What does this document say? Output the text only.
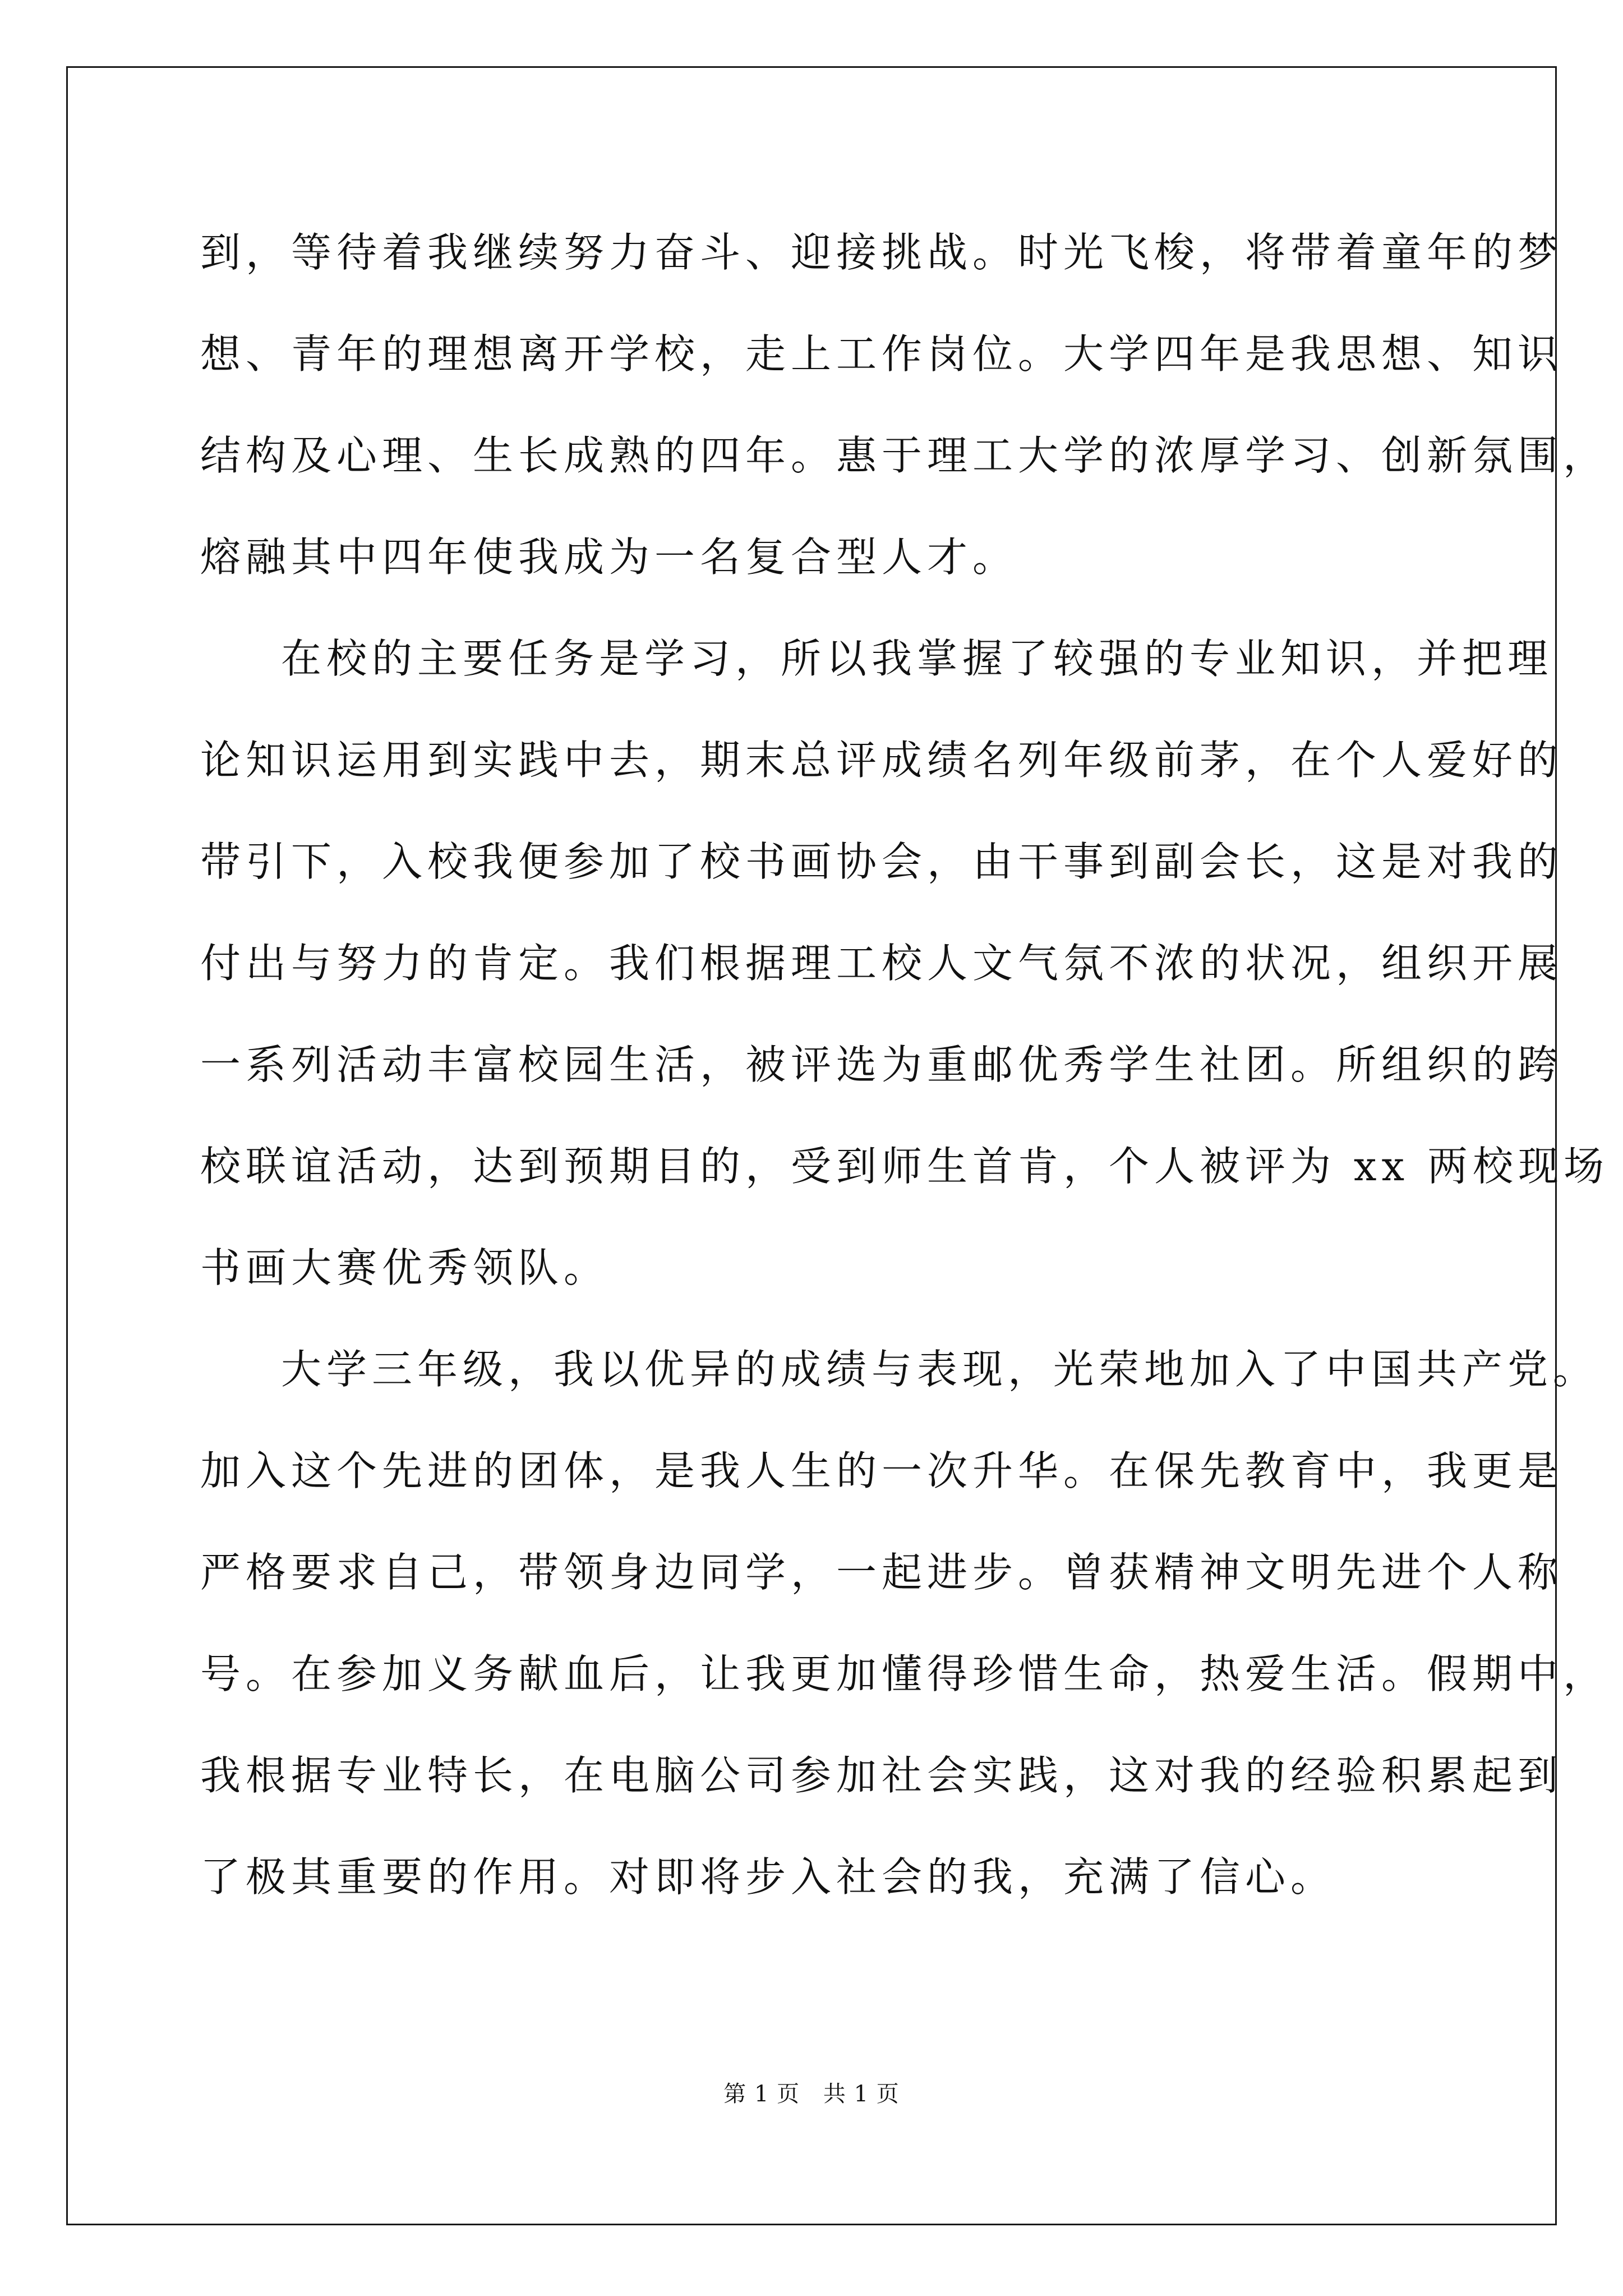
到，等待着我继续努力奋斗、迎接挑战。时光飞梭，将带着童年的梦
想、青年的理想离开学校，走上工作岗位。大学四年是我思想、知识
结构及心理、生长成熟的四年。惠于理工大学的浓厚学习、创新氛围，
熔融其中四年使我成为一名复合型人才。
在校的主要任务是学习，所以我掌握了较强的专业知识，并把理
论知识运用到实践中去，期末总评成绩名列年级前茅，在个人爱好的
带引下，入校我便参加了校书画协会，由干事到副会长，这是对我的
付出与努力的肯定。我们根据理工校人文气氛不浓的状况，组织开展
一系列活动丰富校园生活，被评选为重邮优秀学生社团。所组织的跨
校联谊活动，达到预期目的，受到师生首肯，个人被评为 xx 两校现场
书画大赛优秀领队。
大学三年级，我以优异的成绩与表现，光荣地加入了中国共产党。
加入这个先进的团体，是我人生的一次升华。在保先教育中，我更是
严格要求自己，带领身边同学，一起进步。曾获精神文明先进个人称
号。在参加义务献血后，让我更加懂得珍惜生命，热爱生活。假期中，
我根据专业特长，在电脑公司参加社会实践，这对我的经验积累起到
了极其重要的作用。对即将步入社会的我，充满了信心。
第 1 页 共 1 页
